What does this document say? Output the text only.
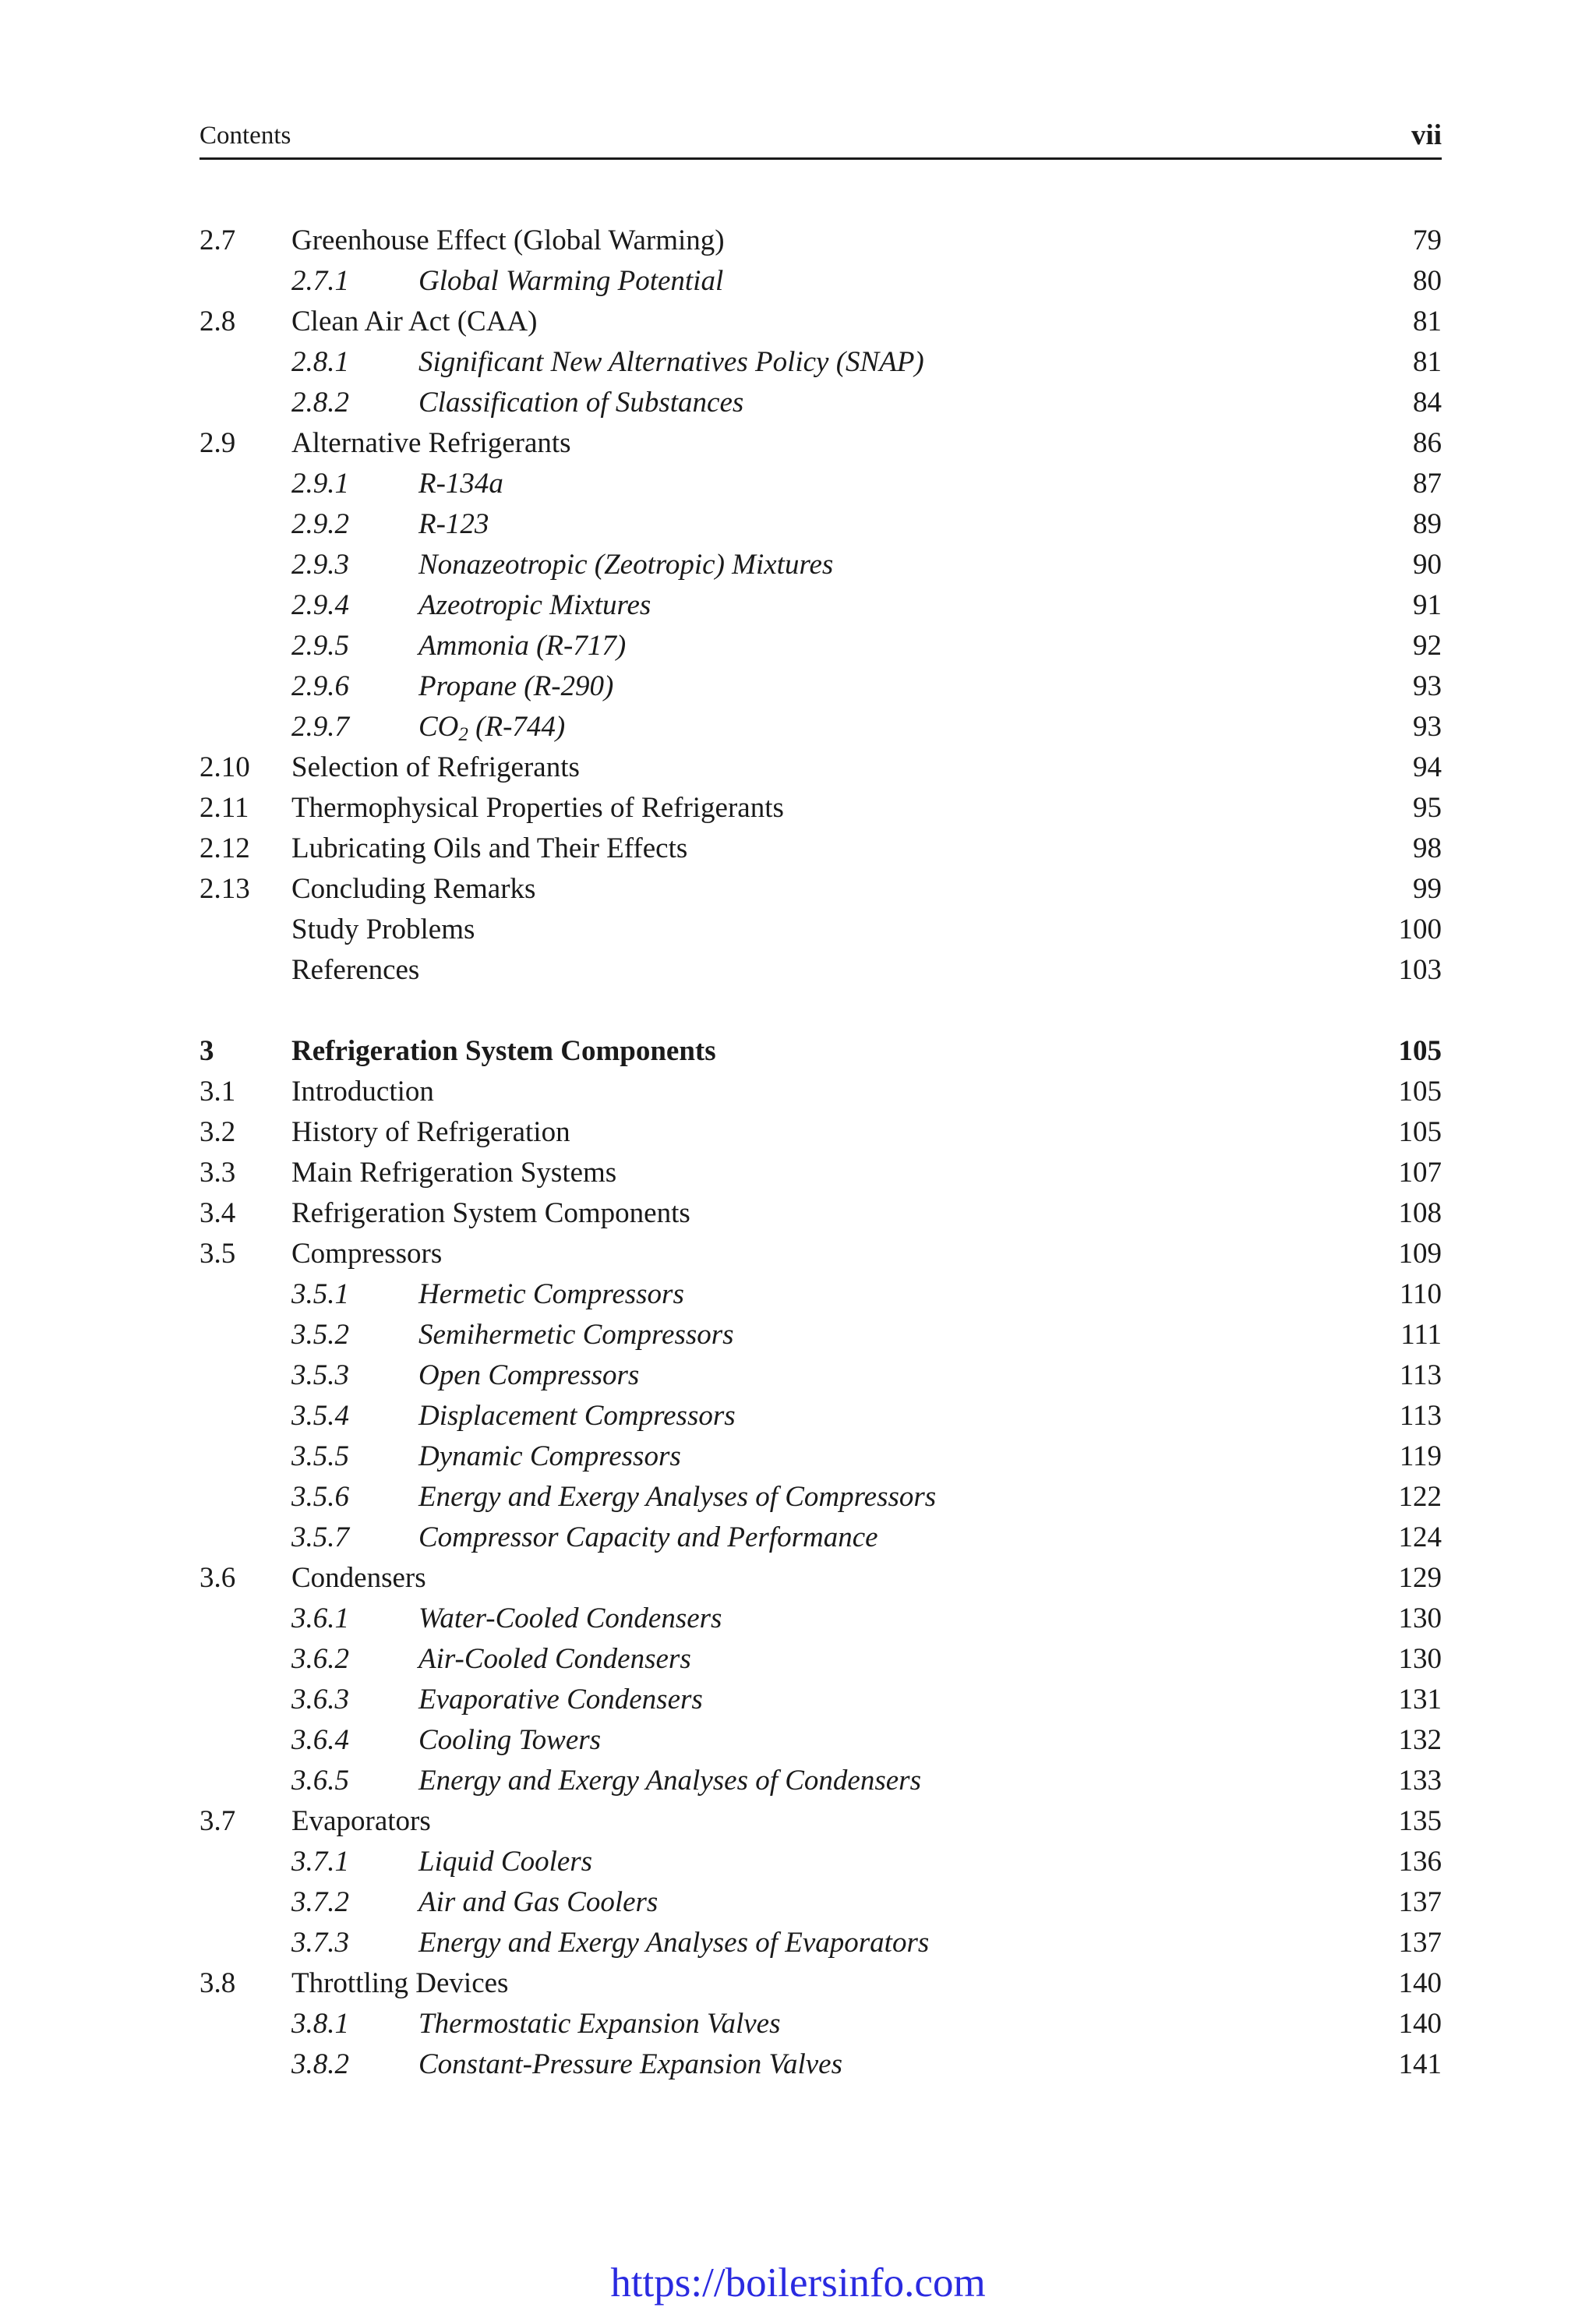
Contents	vii
2.7 Greenhouse Effect (Global Warming)	79
2.7.1 Global Warming Potential	80
2.8 Clean Air Act (CAA)	81
2.8.1 Significant New Alternatives Policy (SNAP)	81
2.8.2 Classification of Substances	84
2.9 Alternative Refrigerants	86
2.9.1 R-134a	87
2.9.2 R-123	89
2.9.3 Nonazeotropic (Zeotropic) Mixtures	90
2.9.4 Azeotropic Mixtures	91
2.9.5 Ammonia (R-717)	92
2.9.6 Propane (R-290)	93
2.9.7 CO2 (R-744)	93
2.10 Selection of Refrigerants	94
2.11 Thermophysical Properties of Refrigerants	95
2.12 Lubricating Oils and Their Effects	98
2.13 Concluding Remarks	99
Study Problems	100
References	103
3	Refrigeration System Components	105
3.1 Introduction	105
3.2 History of Refrigeration	105
3.3 Main Refrigeration Systems	107
3.4 Refrigeration System Components	108
3.5 Compressors	109
3.5.1 Hermetic Compressors	110
3.5.2 Semihermetic Compressors	111
3.5.3 Open Compressors	113
3.5.4 Displacement Compressors	113
3.5.5 Dynamic Compressors	119
3.5.6 Energy and Exergy Analyses of Compressors	122
3.5.7 Compressor Capacity and Performance	124
3.6 Condensers	129
3.6.1 Water-Cooled Condensers	130
3.6.2 Air-Cooled Condensers	130
3.6.3 Evaporative Condensers	131
3.6.4 Cooling Towers	132
3.6.5 Energy and Exergy Analyses of Condensers	133
3.7 Evaporators	135
3.7.1 Liquid Coolers	136
3.7.2 Air and Gas Coolers	137
3.7.3 Energy and Exergy Analyses of Evaporators	137
3.8 Throttling Devices	140
3.8.1 Thermostatic Expansion Valves	140
3.8.2 Constant-Pressure Expansion Valves	141
https://boilersinfo.com
